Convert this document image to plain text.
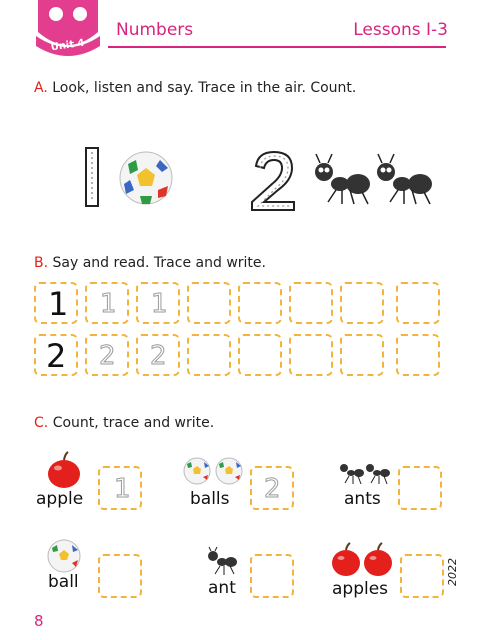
Unit 4
Numbers	Lessons I-3
A. Look, listen and say. Trace in the air. Count.
B. Say and read. Trace and write.
1 1 1
2 2 2
C. Count, trace and write.
apple 1	balls 2	ants
ball	ant	apples
8
2022
